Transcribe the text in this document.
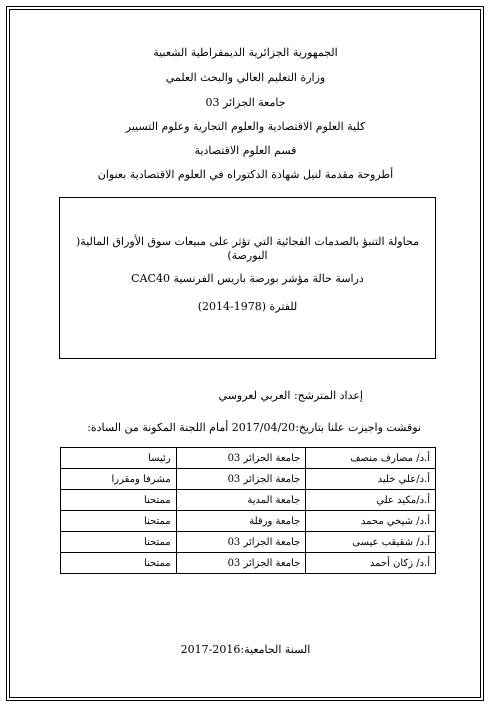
الجمهورية الجزائرية الديمقراطية الشعبية
وزارة التعليم العالي والبحث العلمي
جامعة الجزائر 03
كلية العلوم الاقتصادية والعلوم التجارية وعلوم التسيير
قسم العلوم الاقتصادية
أطروحة مقدمة لنيل شهادة الدكتوراه في العلوم الاقتصادية بعنوان
محاولة التنبؤ بالصدمات الفجائية التي تؤثر على مبيعات سوق الأوراق المالية( البورصة)
دراسة حالة مؤشر بورصة باريس الفرنسية CAC40
للفترة (1978-2014)
إعداد المترشح: العربي لعروسي
نوقشت واجيزت علنا بتاريخ:2017/04/20 أمام اللجنة المكونة من السادة:
أ.د/ مصارف منصف	جامعة الجزائر 03	رئيسا
أ.د/علي خليد	جامعة الجزائر 03	مشرفا ومقررا
أ.د/مكيد علي	جامعة المدية	ممتحنا
أ.د/ شيخي محمد	جامعة ورقلة	ممتحنا
أ.د/ شقيقب عيسى	جامعة الجزائر 03	ممتحنا
أ.د/ زكان أحمد	جامعة الجزائر 03	ممتحنا
السنة الجامعية:2016-2017
